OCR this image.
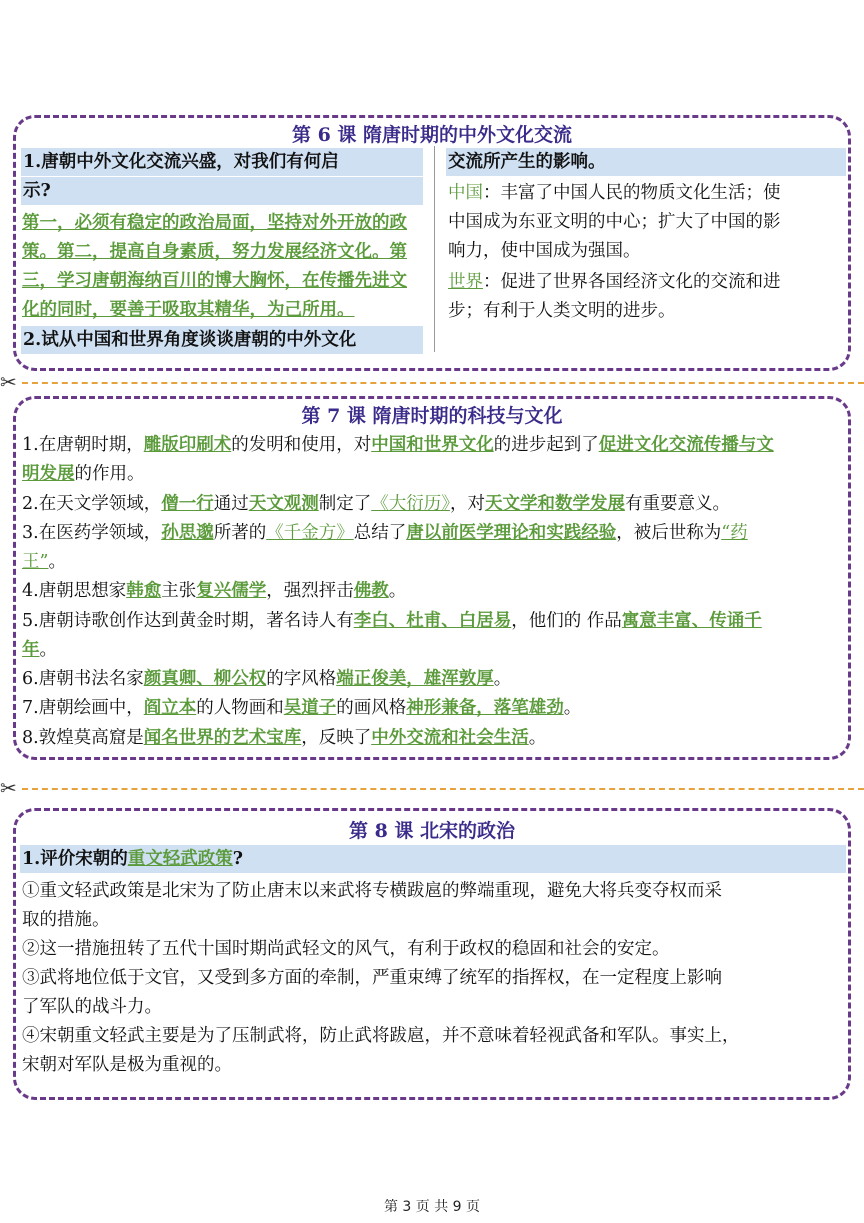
第 6 课 隋唐时期的中外文化交流
1.唐朝中外文化交流兴盛，对我们有何启
示?
第一，必须有稳定的政治局面，坚持对外开放的政
策。第二，提高自身素质，努力发展经济文化。第
三，学习唐朝海纳百川的博大胸怀，在传播先进文
化的同时，要善于吸取其精华，为己所用。
2.试从中国和世界角度谈谈唐朝的中外文化
交流所产生的影响。
中国：丰富了中国人民的物质文化生活；使
中国成为东亚文明的中心；扩大了中国的影
响力，使中国成为强国。
世界：促进了世界各国经济文化的交流和进
步；有利于人类文明的进步。
✂
第 7 课 隋唐时期的科技与文化
1.在唐朝时期，雕版印刷术的发明和使用，对中国和世界文化的进步起到了促进文化交流传播与文
明发展的作用。
2.在天文学领域，僧一行通过天文观测制定了《大衍历》，对天文学和数学发展有重要意义。
3.在医药学领域，孙思邈所著的《千金方》总结了唐以前医学理论和实践经验，被后世称为“药
王”。
4.唐朝思想家韩愈主张复兴儒学，强烈抨击佛教。
5.唐朝诗歌创作达到黄金时期，著名诗人有李白、杜甫、白居易，他们的 作品寓意丰富、传诵千
年。
6.唐朝书法名家颜真卿、柳公权的字风格端正俊美，雄浑敦厚。
7.唐朝绘画中，阎立本的人物画和吴道子的画风格神形兼备，落笔雄劲。
8.敦煌莫高窟是闻名世界的艺术宝库，反映了中外交流和社会生活。
✂
第 8 课 北宋的政治
1.评价宋朝的重文轻武政策?
①重文轻武政策是北宋为了防止唐末以来武将专横跋扈的弊端重现，避免大将兵变夺权而采
取的措施。
②这一措施扭转了五代十国时期尚武轻文的风气，有利于政权的稳固和社会的安定。
③武将地位低于文官，又受到多方面的牵制，严重束缚了统军的指挥权，在一定程度上影响
了军队的战斗力。
④宋朝重文轻武主要是为了压制武将，防止武将跋扈，并不意味着轻视武备和军队。事实上，
宋朝对军队是极为重视的。
第 3 页 共 9 页
